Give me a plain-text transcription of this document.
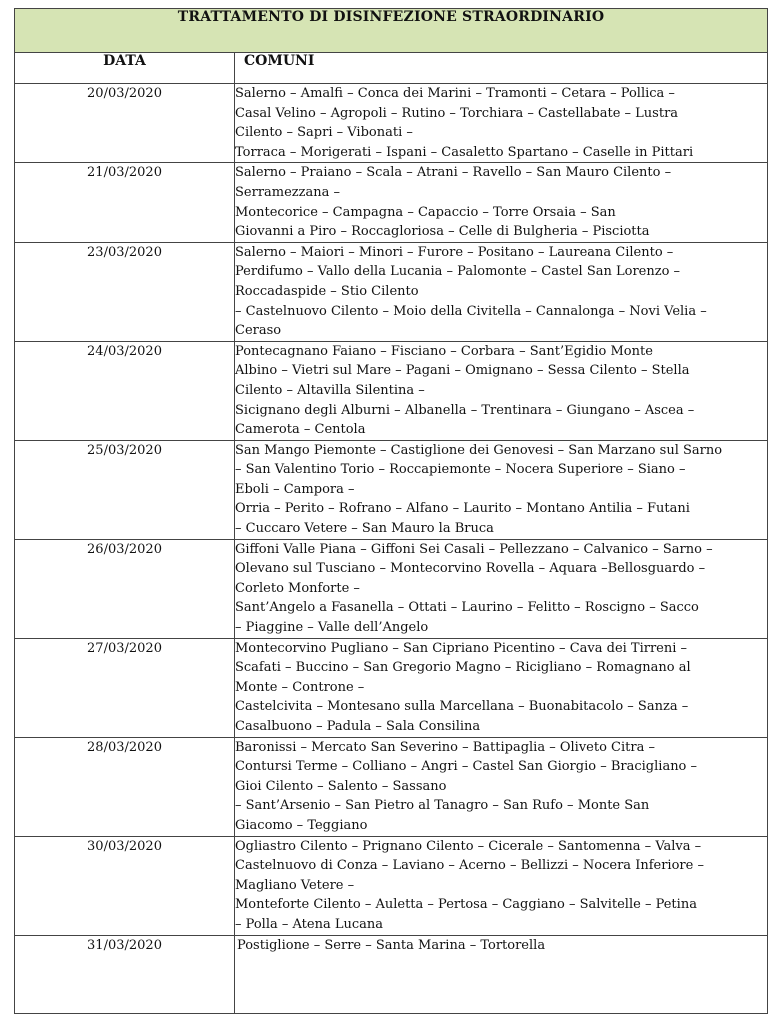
TRATTAMENTO DI DISINFEZIONE STRAORDINARIO	
DATA	COMUNI
20/03/2020	Salerno – Amalfi – Conca dei Marini – Tramonti – Cetara – Pollica –
Casal Velino – Agropoli – Rutino – Torchiara – Castellabate – Lustra
Cilento – Sapri – Vibonati –
Torraca – Morigerati – Ispani – Casaletto Spartano – Caselle in Pittari

21/03/2020	Salerno – Praiano – Scala – Atrani – Ravello – San Mauro Cilento –
Serramezzana –
Montecorice – Campagna – Capaccio – Torre Orsaia – San
Giovanni a Piro – Roccagloriosa – Celle di Bulgheria – Pisciotta

23/03/2020	Salerno – Maiori – Minori – Furore – Positano – Laureana Cilento –
Perdifumo – Vallo della Lucania – Palomonte – Castel San Lorenzo –
Roccadaspide – Stio Cilento
– Castelnuovo Cilento – Moio della Civitella – Cannalonga – Novi Velia –
Ceraso

24/03/2020	Pontecagnano Faiano – Fisciano – Corbara – Sant’Egidio Monte
Albino – Vietri sul Mare – Pagani – Omignano – Sessa Cilento – Stella
Cilento – Altavilla Silentina –
Sicignano degli Alburni – Albanella – Trentinara – Giungano – Ascea –
Camerota – Centola

25/03/2020	San Mango Piemonte – Castiglione dei Genovesi – San Marzano sul Sarno
– San Valentino Torio – Roccapiemonte – Nocera Superiore – Siano –
Eboli – Campora –
Orria – Perito – Rofrano – Alfano – Laurito – Montano Antilia – Futani
– Cuccaro Vetere – San Mauro la Bruca

26/03/2020	Giffoni Valle Piana – Giffoni Sei Casali – Pellezzano – Calvanico – Sarno –
Olevano sul Tusciano – Montecorvino Rovella – Aquara –Bellosguardo –
Corleto Monforte –
Sant’Angelo a Fasanella – Ottati – Laurino – Felitto – Roscigno – Sacco
– Piaggine – Valle dell’Angelo

27/03/2020	Montecorvino Pugliano – San Cipriano Picentino – Cava dei Tirreni –
Scafati – Buccino – San Gregorio Magno – Ricigliano – Romagnano al
Monte – Controne –
Castelcivita – Montesano sulla Marcellana – Buonabitacolo – Sanza –
Casalbuono – Padula – Sala Consilina

28/03/2020	Baronissi – Mercato San Severino – Battipaglia – Oliveto Citra –
Contursi Terme – Colliano – Angri – Castel San Giorgio – Bracigliano –
Gioi Cilento – Salento – Sassano
– Sant’Arsenio – San Pietro al Tanagro – San Rufo – Monte San
Giacomo – Teggiano

30/03/2020	Ogliastro Cilento – Prignano Cilento – Cicerale – Santomenna – Valva –
Castelnuovo di Conza – Laviano – Acerno – Bellizzi – Nocera Inferiore –
Magliano Vetere –
Monteforte Cilento – Auletta – Pertosa – Caggiano – Salvitelle – Petina
– Polla – Atena Lucana

31/03/2020	Postiglione – Serre – Santa Marina – Tortorella
